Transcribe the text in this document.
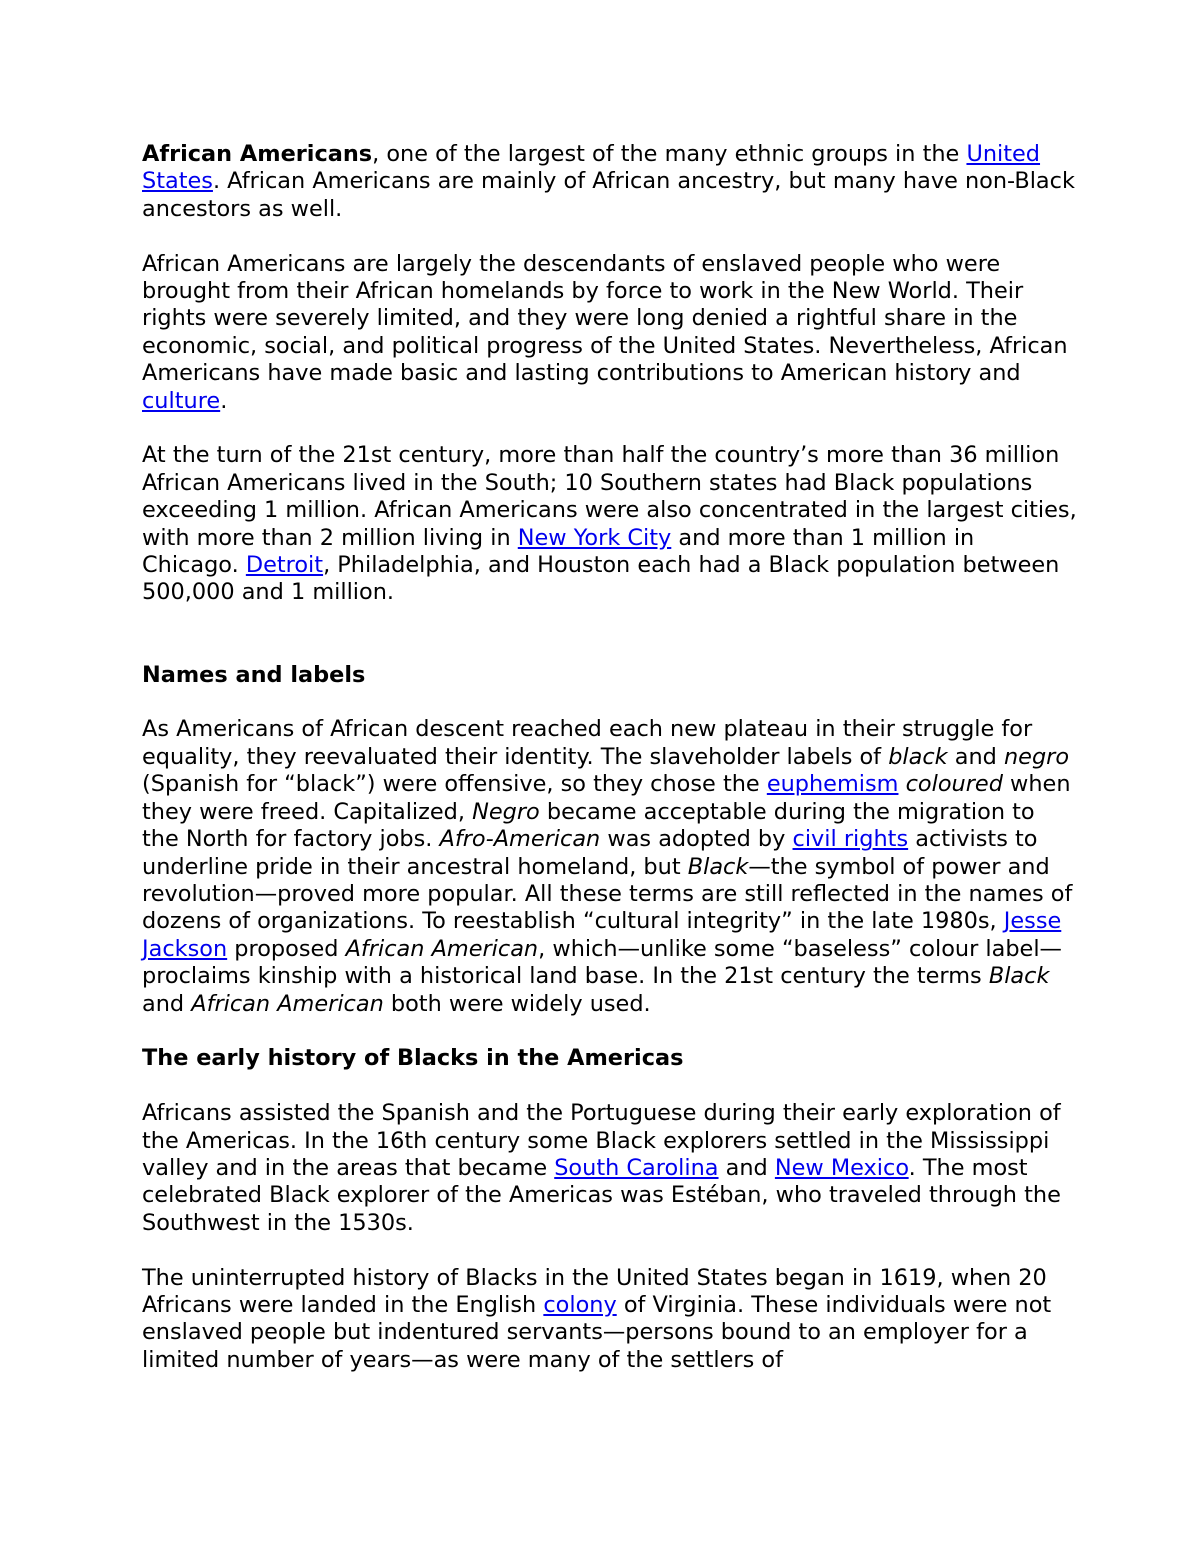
African Americans, one of the largest of the many ethnic groups in the United States. African Americans are mainly of African ancestry, but many have non-Black ancestors as well.

African Americans are largely the descendants of enslaved people who were brought from their African homelands by force to work in the New World. Their rights were severely limited, and they were long denied a rightful share in the economic, social, and political progress of the United States. Nevertheless, African Americans have made basic and lasting contributions to American history and culture.

At the turn of the 21st century, more than half the country’s more than 36 million African Americans lived in the South; 10 Southern states had Black populations exceeding 1 million. African Americans were also concentrated in the largest cities, with more than 2 million living in New York City and more than 1 million in Chicago. Detroit, Philadelphia, and Houston each had a Black population between 500,000 and 1 million.

Names and labels

As Americans of African descent reached each new plateau in their struggle for equality, they reevaluated their identity. The slaveholder labels of black and negro (Spanish for “black”) were offensive, so they chose the euphemism coloured when they were freed. Capitalized, Negro became acceptable during the migration to the North for factory jobs. Afro-American was adopted by civil rights activists to underline pride in their ancestral homeland, but Black—the symbol of power and revolution—proved more popular. All these terms are still reflected in the names of dozens of organizations. To reestablish “cultural integrity” in the late 1980s, Jesse Jackson proposed African American, which—unlike some “baseless” colour label—proclaims kinship with a historical land base. In the 21st century the terms Black and African American both were widely used.

The early history of Blacks in the Americas

Africans assisted the Spanish and the Portuguese during their early exploration of the Americas. In the 16th century some Black explorers settled in the Mississippi valley and in the areas that became South Carolina and New Mexico. The most celebrated Black explorer of the Americas was Estéban, who traveled through the Southwest in the 1530s.

The uninterrupted history of Blacks in the United States began in 1619, when 20 Africans were landed in the English colony of Virginia. These individuals were not enslaved people but indentured servants—persons bound to an employer for a limited number of years—as were many of the settlers of
